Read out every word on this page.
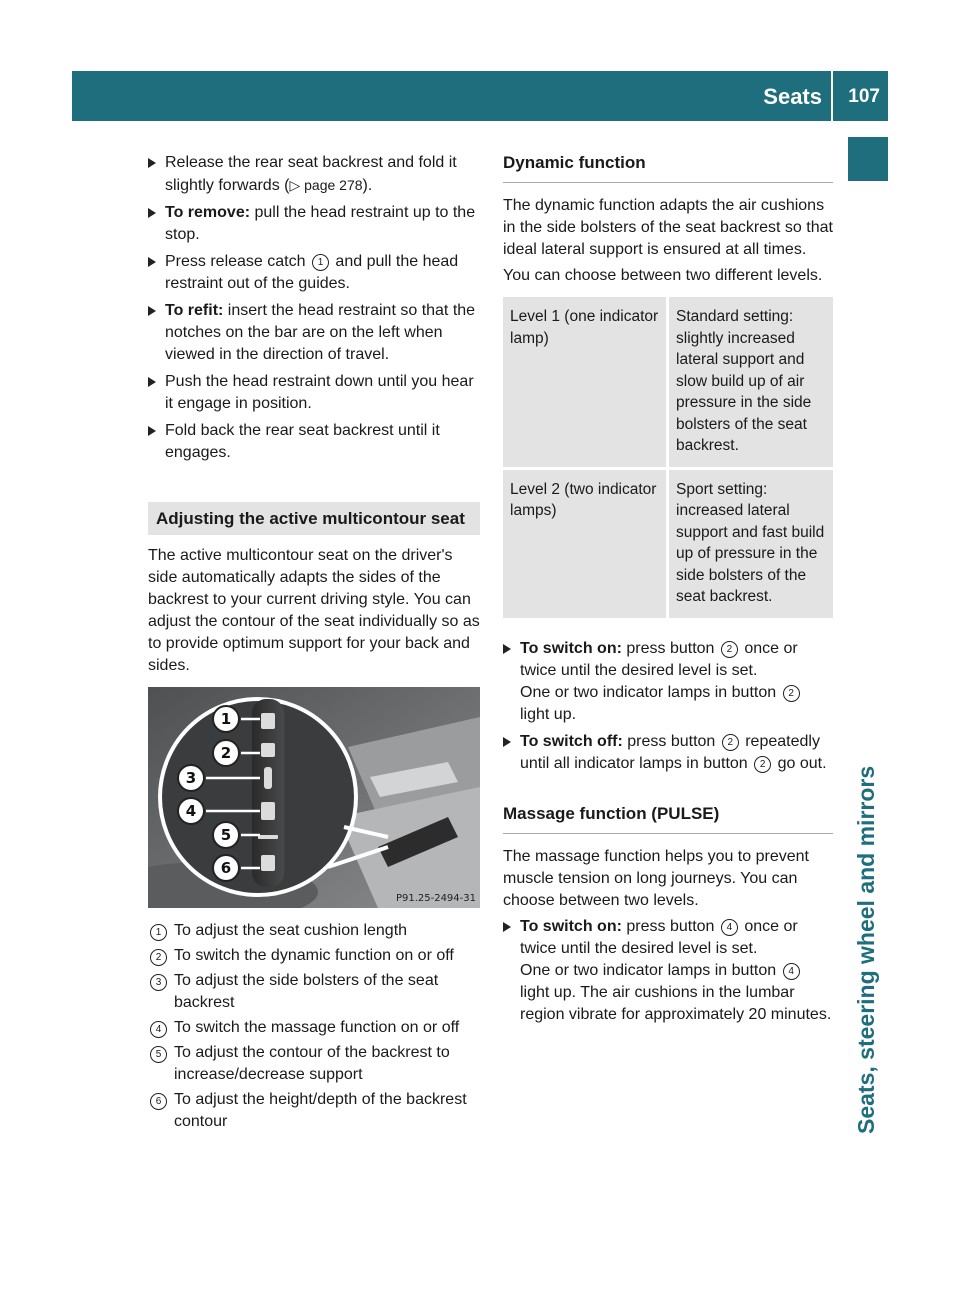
Seats 107
Seats, steering wheel and mirrors
Release the rear seat backrest and fold it slightly forwards (▷ page 278).
To remove: pull the head restraint up to the stop.
Press release catch 1 and pull the head restraint out of the guides.
To refit: insert the head restraint so that the notches on the bar are on the left when viewed in the direction of travel.
Push the head restraint down until you hear it engage in position.
Fold back the rear seat backrest until it engages.
Adjusting the active multicontour seat
The active multicontour seat on the driver's side automatically adapts the sides of the backrest to your current driving style. You can adjust the contour of the seat individually so as to provide optimum support for your back and sides.
1
2
3
4
5
6
P91.25-2494-31
1 To adjust the seat cushion length
2 To switch the dynamic function on or off
3 To adjust the side bolsters of the seat backrest
4 To switch the massage function on or off
5 To adjust the contour of the backrest to increase/decrease support
6 To adjust the height/depth of the backrest contour
Dynamic function
The dynamic function adapts the air cushions in the side bolsters of the seat backrest so that ideal lateral support is ensured at all times.
You can choose between two different levels.
Level 1 (one indicator lamp)	Standard setting: slightly increased lateral support and slow build up of air pressure in the side bolsters of the seat backrest.
Level 2 (two indicator lamps)	Sport setting: increased lateral support and fast build up of pressure in the side bolsters of the seat backrest.
To switch on: press button 2 once or twice until the desired level is set.
One or two indicator lamps in button 2 light up.
To switch off: press button 2 repeatedly until all indicator lamps in button 2 go out.
Massage function (PULSE)
The massage function helps you to prevent muscle tension on long journeys. You can choose between two levels.
To switch on: press button 4 once or twice until the desired level is set.
One or two indicator lamps in button 4 light up. The air cushions in the lumbar region vibrate for approximately 20 minutes.
